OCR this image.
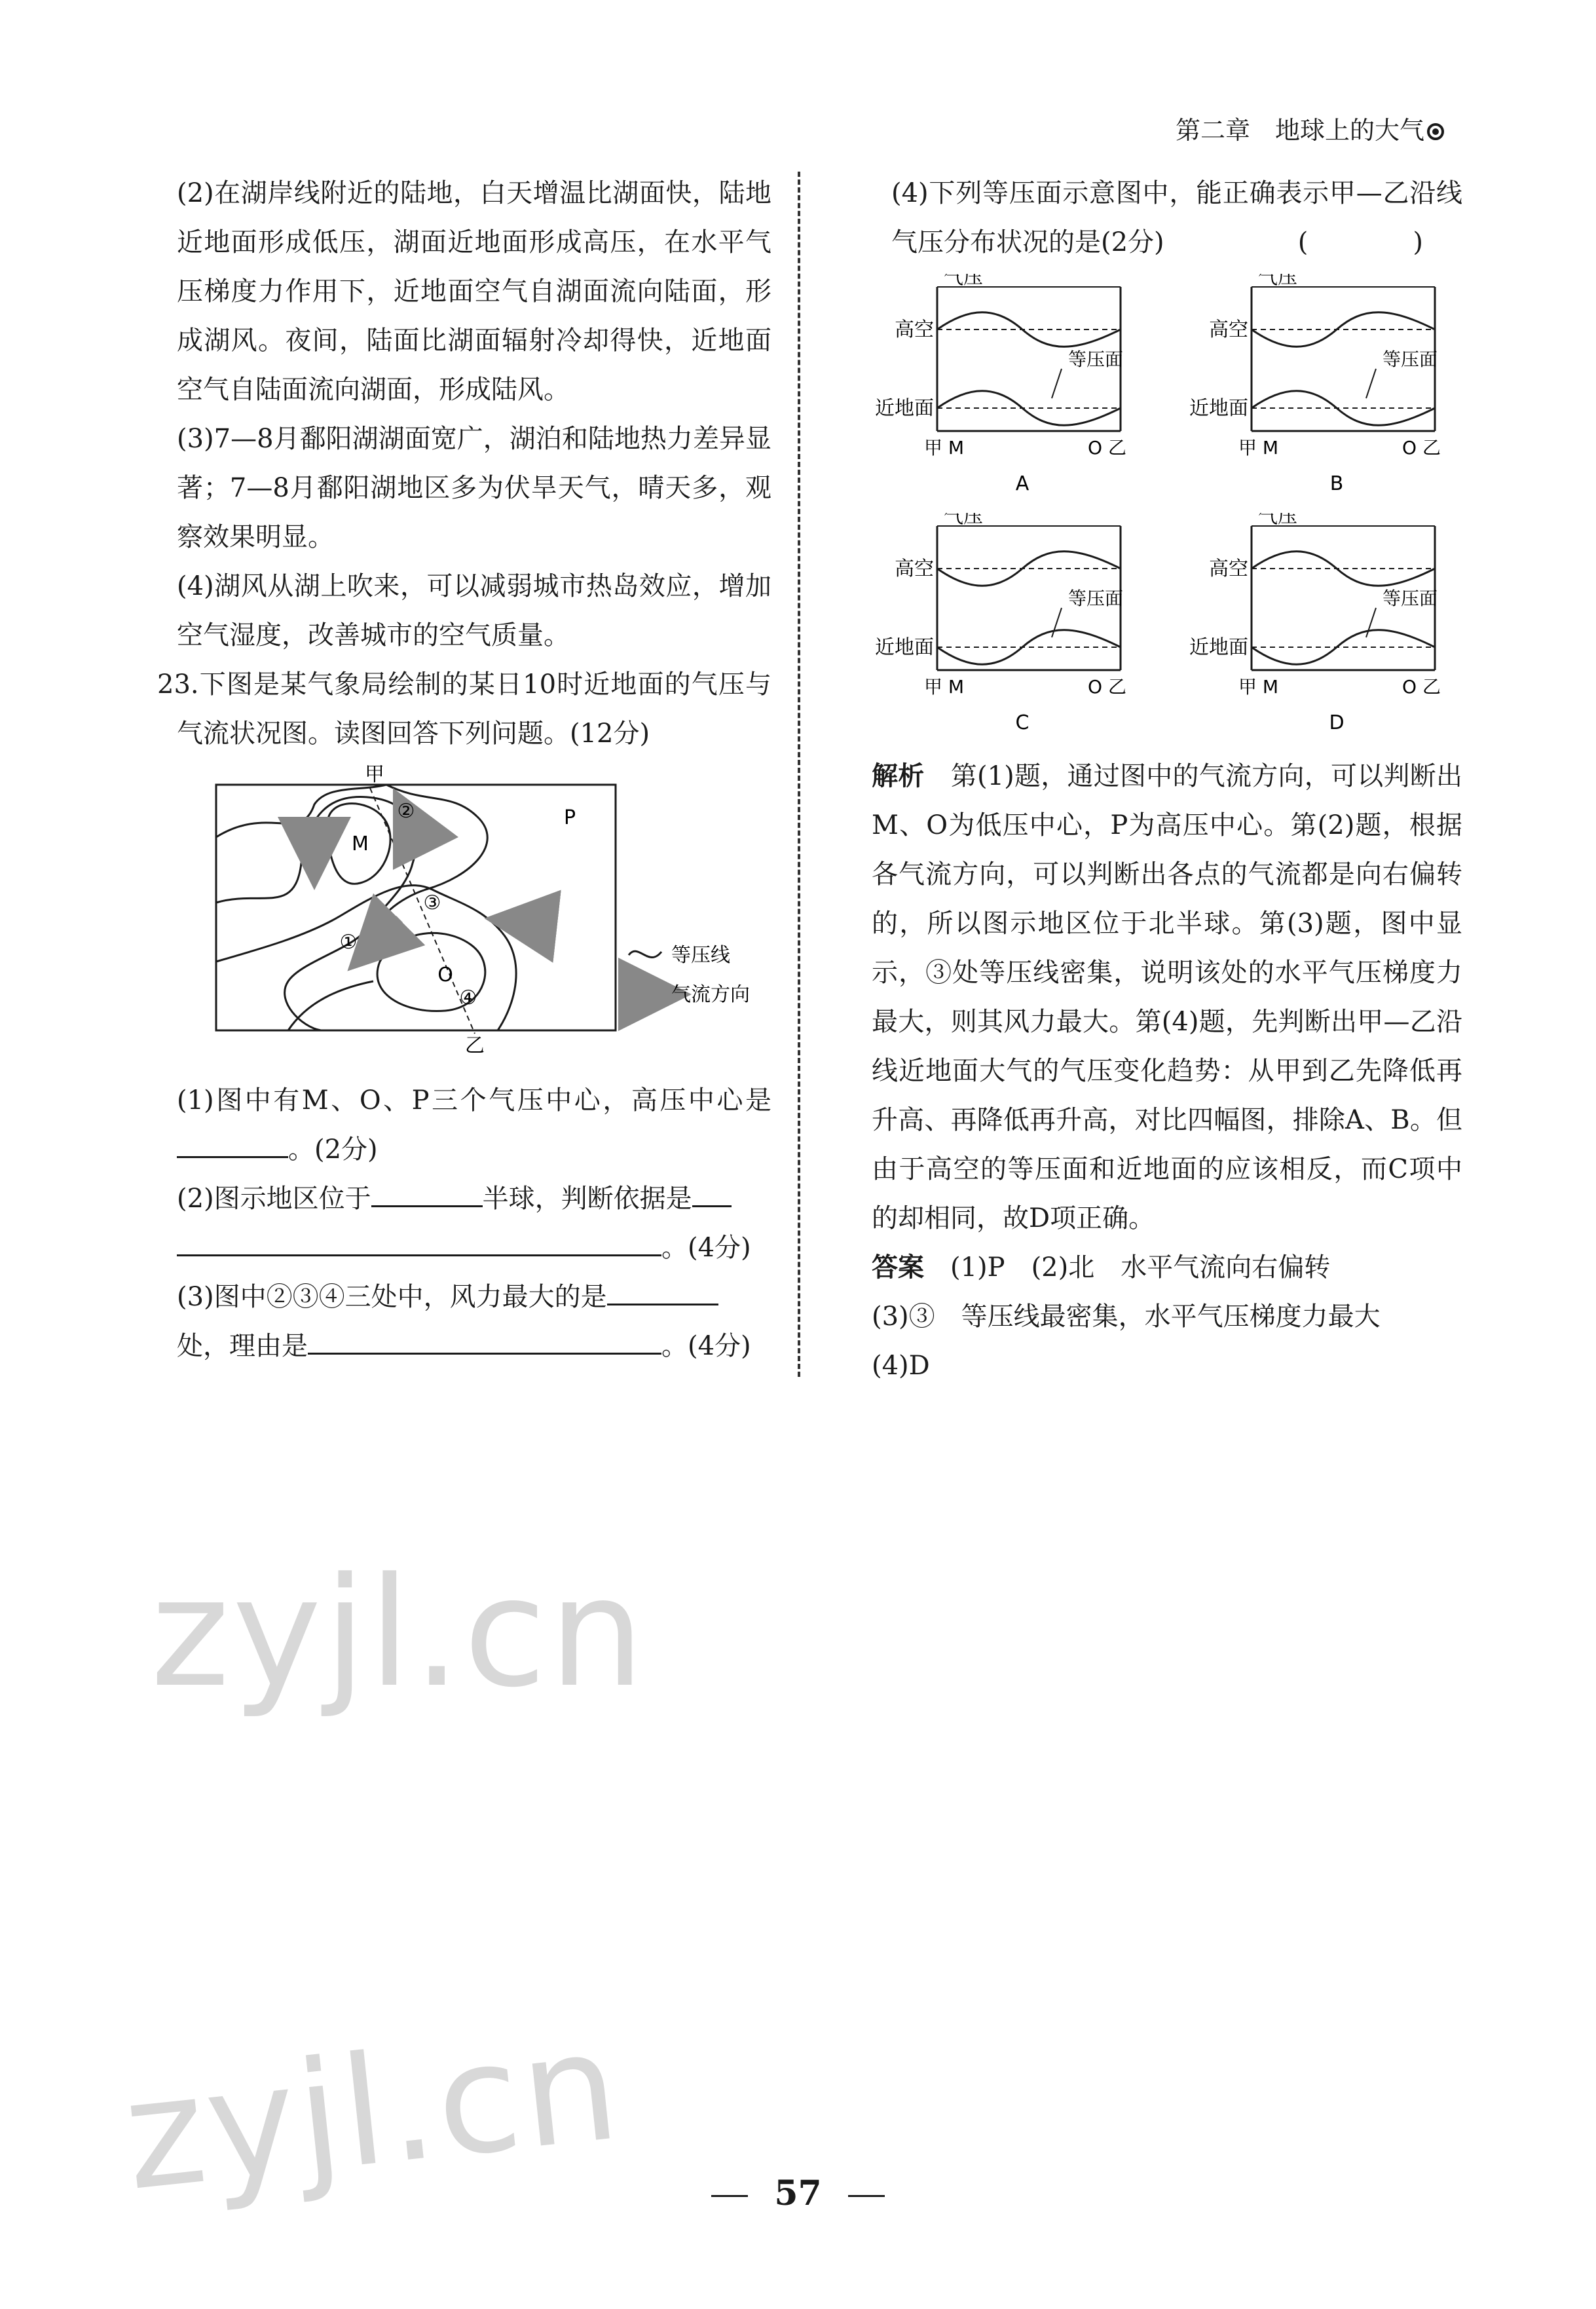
第二章　地球上的大气

(2)在湖岸线附近的陆地，白天增温比湖面快，陆地近地面形成低压，湖面近地面形成高压，在水平气压梯度力作用下，近地面空气自湖面流向陆面，形成湖风。夜间，陆面比湖面辐射冷却得快，近地面空气自陆面流向湖面，形成陆风。

(3)7—8月鄱阳湖湖面宽广，湖泊和陆地热力差异显著；7—8月鄱阳湖地区多为伏旱天气，晴天多，观察效果明显。

(4)湖风从湖上吹来，可以减弱城市热岛效应，增加空气湿度，改善城市的空气质量。

23.下图是某气象局绘制的某日10时近地面的气压与气流状况图。读图回答下列问题。(12分)

甲
乙
M
O
P
①
②
③
④
等压线
气流方向

(1)图中有M、O、P三个气压中心，高压中心是。(2分)

(2)图示地区位于	半球，判断依据是
。(4分)

(3)图中②③④三处中，风力最大的是
处，理由是	。(4分)

(4)下列等压面示意图中，能正确表示甲—乙沿线气压分布状况的是(2分)	(　)

气压
高空
近地面
等压面
甲 M	O 乙
A
气压
高空
近地面
等压面
甲 M	O 乙
B
气压
高空
近地面
等压面
甲 M	O 乙
C
气压
高空
近地面
等压面
甲 M	O 乙
D

解析　 第(1)题，通过图中的气流方向，可以判断出M、O为低压中心，P为高压中心。第(2)题，根据各气流方向，可以判断出各点的气流都是向右偏转的，所以图示地区位于北半球。第(3)题，图中显示，③处等压线密集，说明该处的水平气压梯度力最大，则其风力最大。第(4)题，先判断出甲—乙沿线近地面大气的气压变化趋势：从甲到乙先降低再升高、再降低再升高，对比四幅图，排除A、B。但由于高空的等压面和近地面的应该相反，而C项中的却相同，故D项正确。

答案　 (1)P　(2)北　水平气流向右偏转

(3)③　等压线最密集，水平气压梯度力最大

(4)D

zyjl.cn
zyjl.cn	57
